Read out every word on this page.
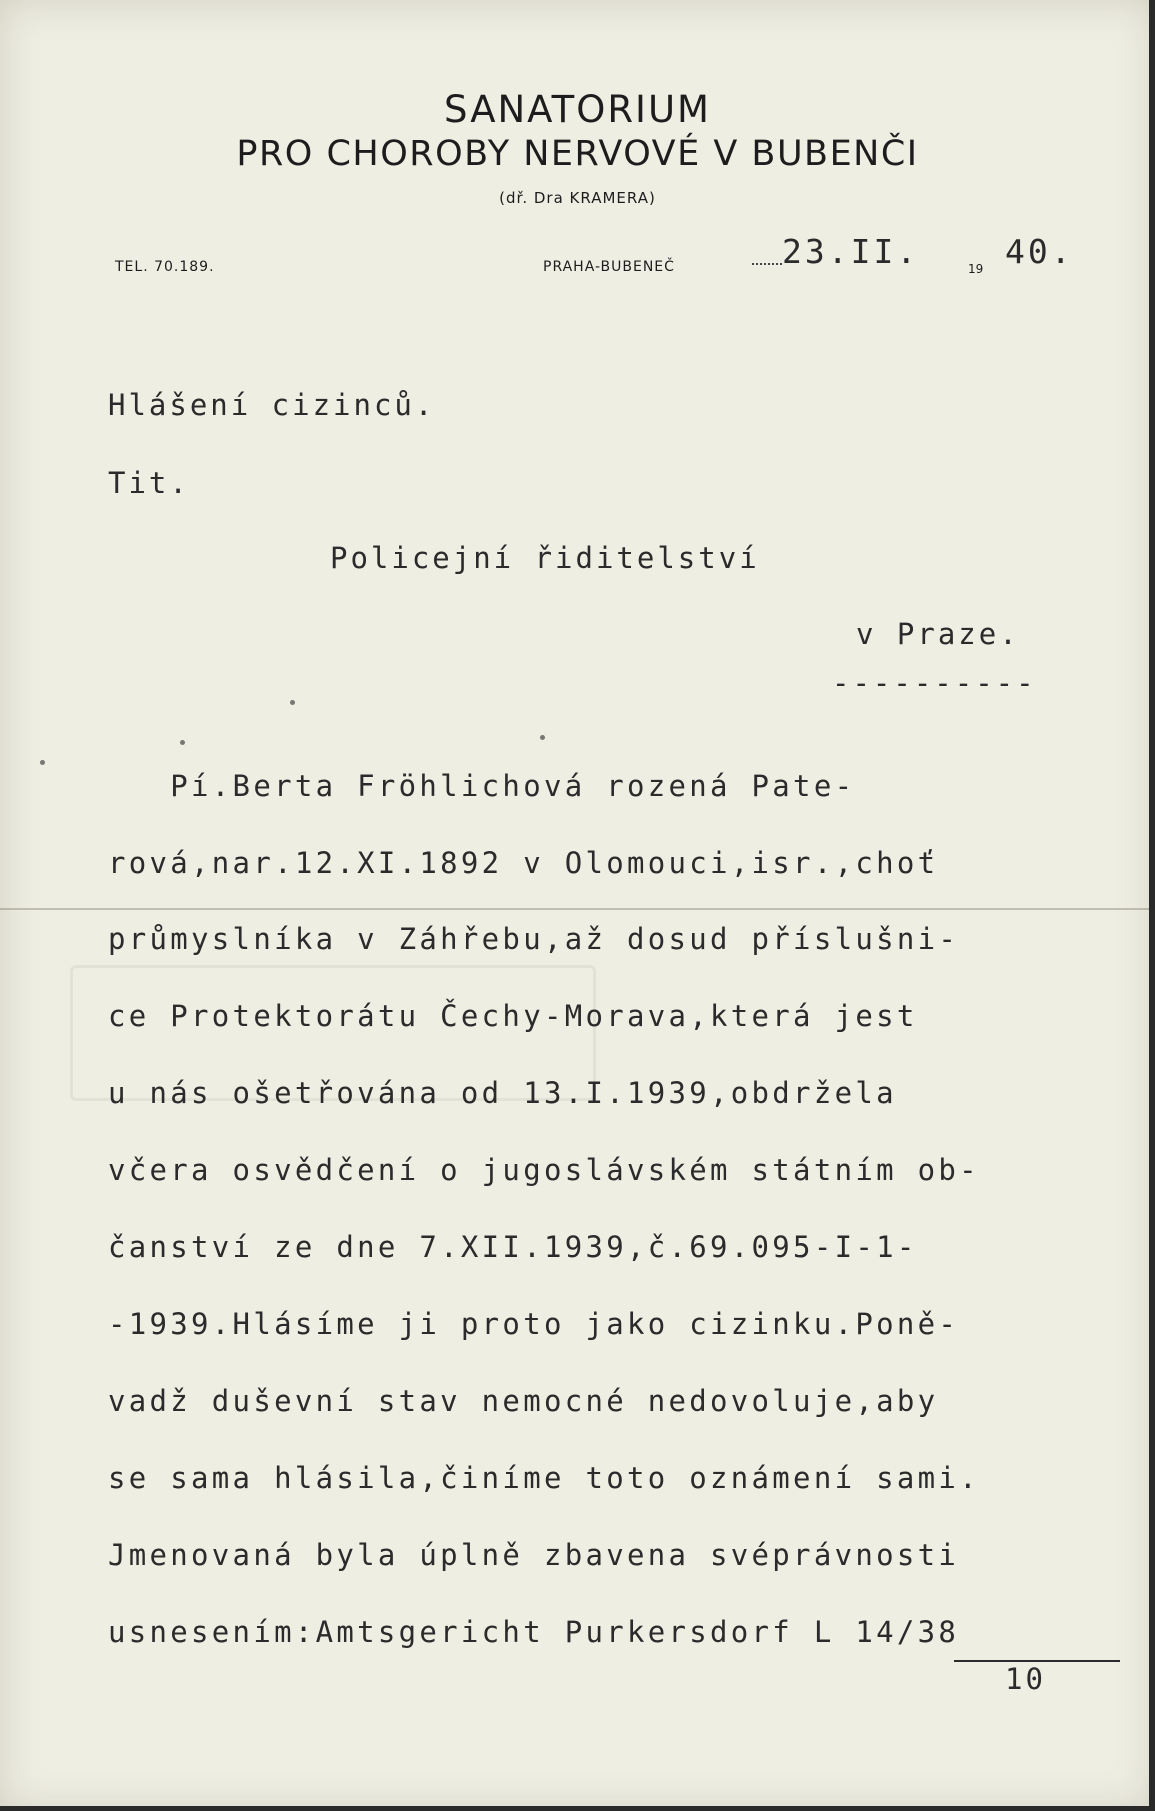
SANATORIUM
PRO CHOROBY NERVOVÉ V BUBENČI
(dř. Dra KRAMERA)
TEL. 70.189.	PRAHA-BUBENEČ	23.II.	19 40.
Hlášení cizinců.
Tit.
Policejní řiditelství
v Praze.
----------
Pí.Berta Fröhlichová rozená Pate-
rová,nar.12.XI.1892 v Olomouci,isr.,choť
průmyslníka v Záhřebu,až dosud příslušni-
ce Protektorátu Čechy-Morava,která jest
u nás ošetřována od 13.I.1939,obdržela
včera osvědčení o jugoslávském státním ob-
čanství ze dne 7.XII.1939,č.69.095-I-1-
-1939.Hlásíme ji proto jako cizinku.Poně-
vadž duševní stav nemocné nedovoluje,aby
se sama hlásila,činíme toto oznámení sami.
Jmenovaná byla úplně zbavena svéprávnosti
usnesením:Amtsgericht Purkersdorf L 14/38
10
